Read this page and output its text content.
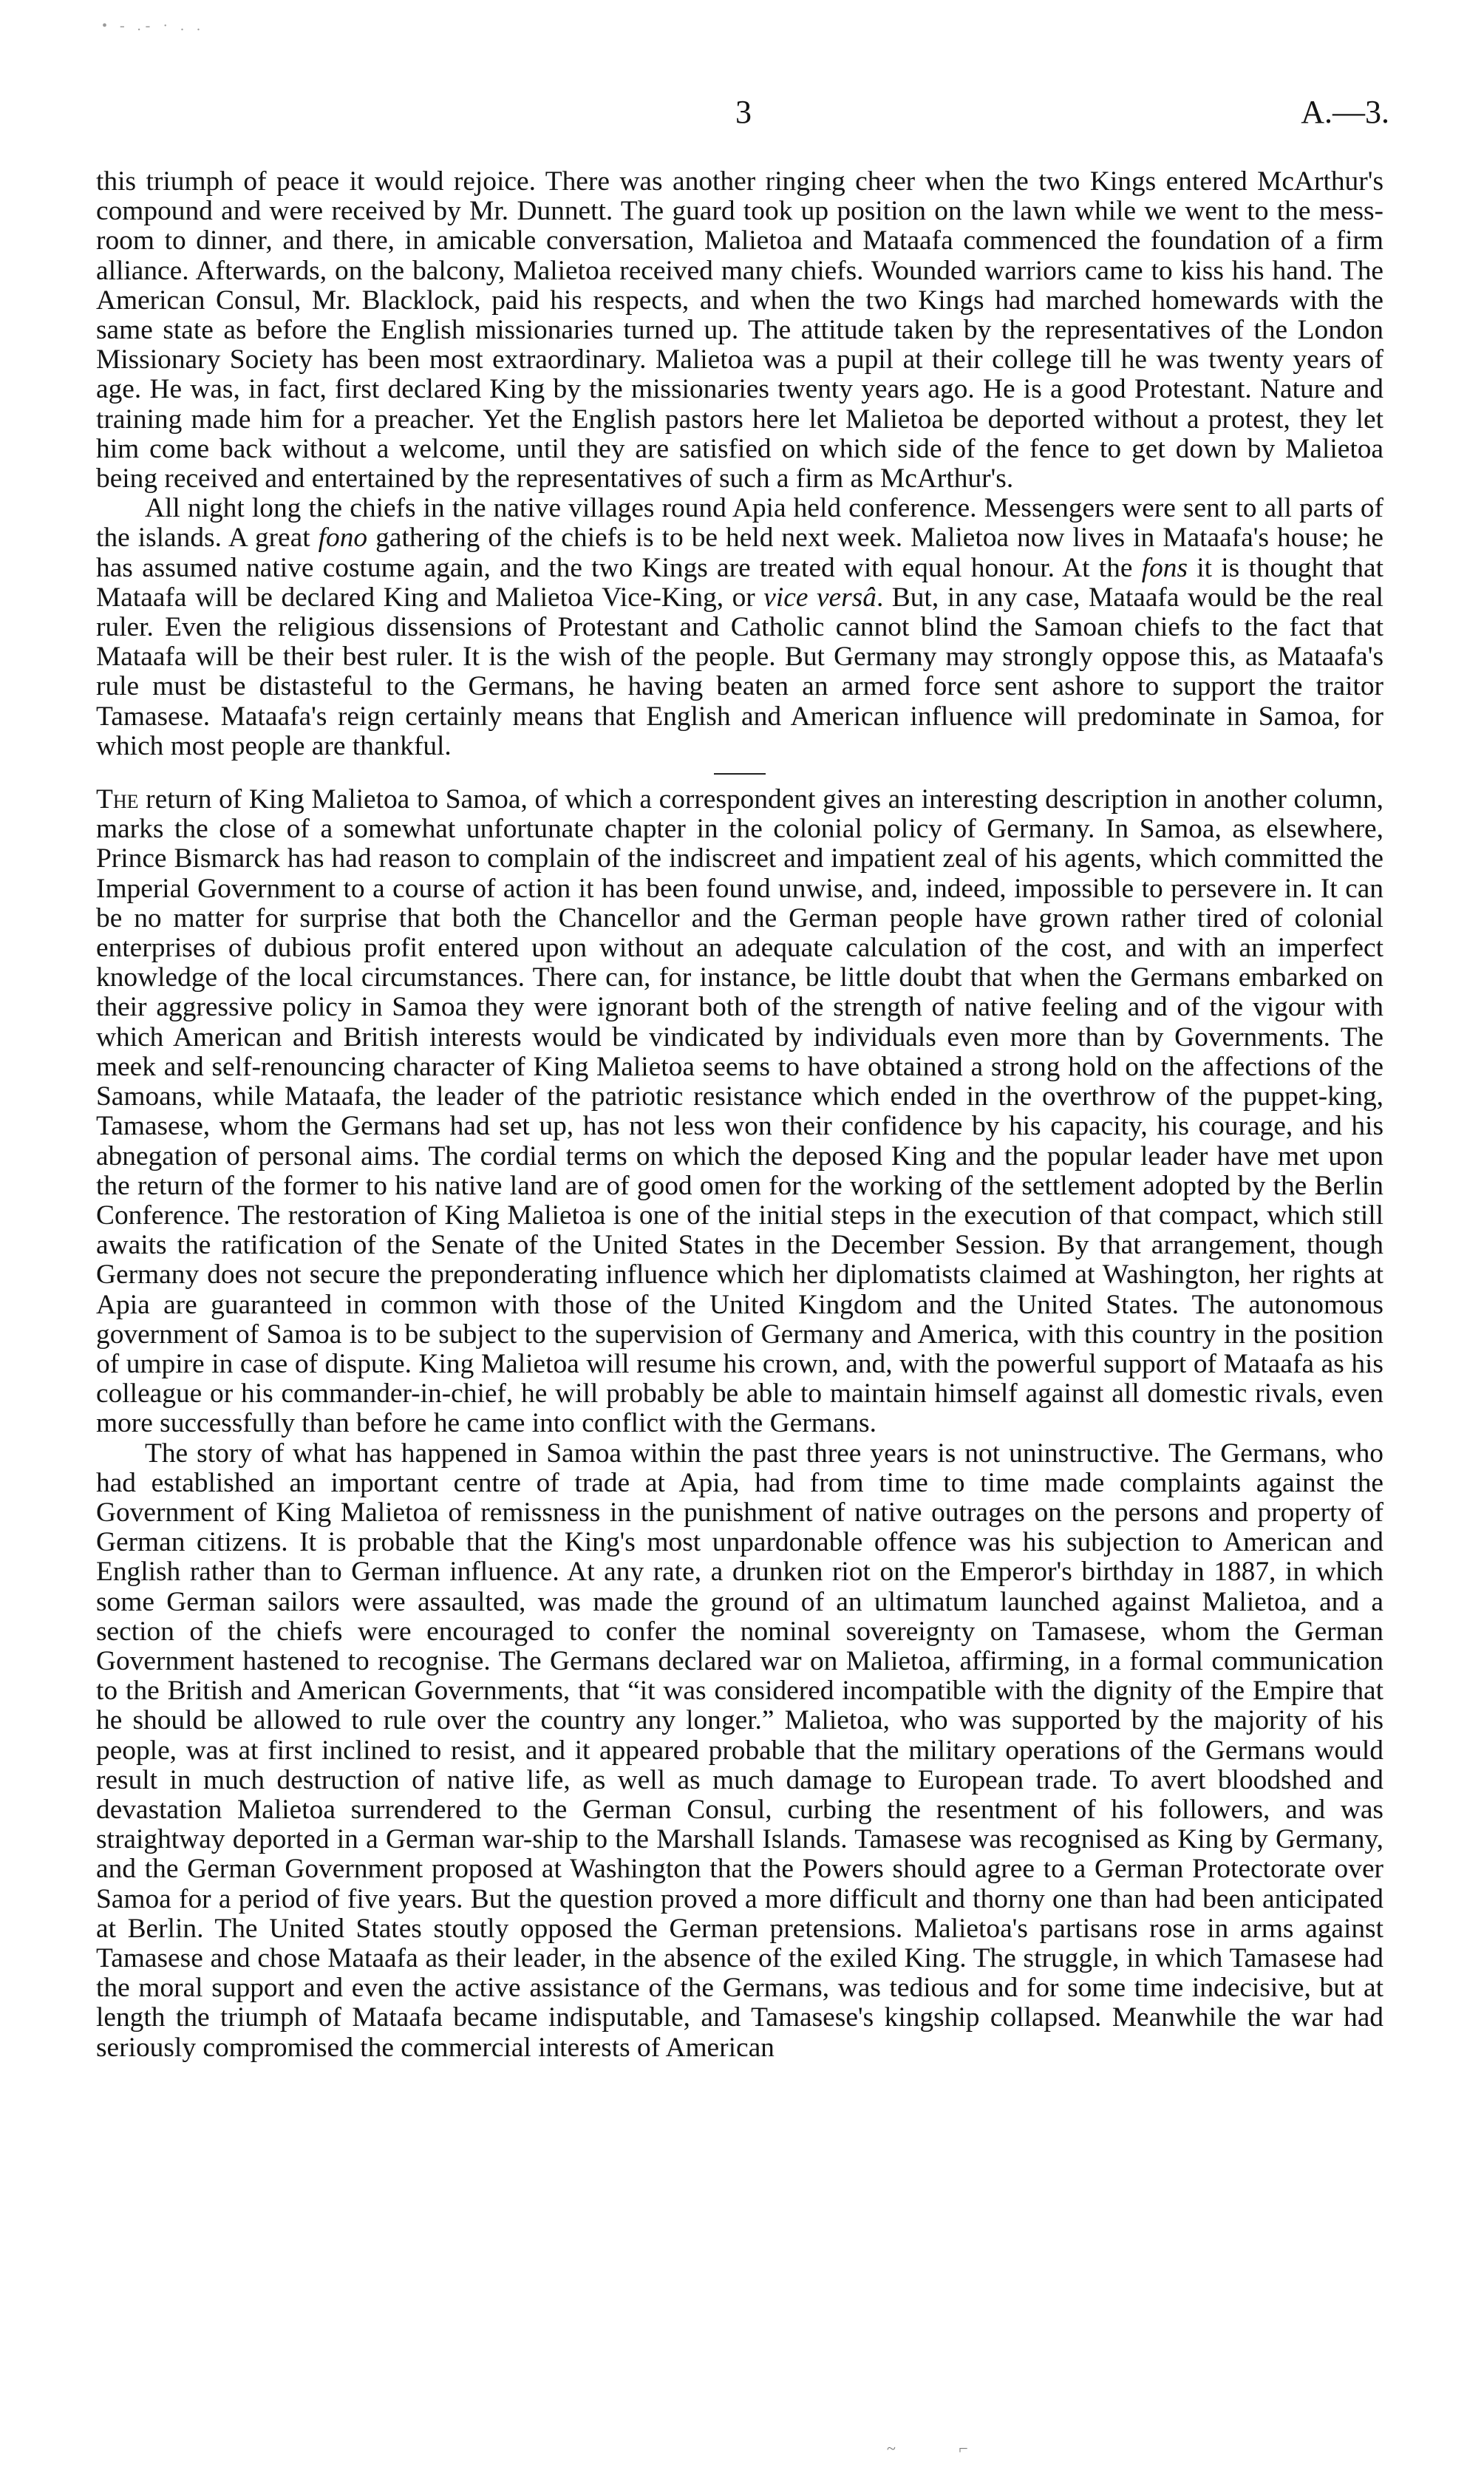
• - .- · . .
3	A.—3.

this triumph of peace it would rejoice. There was another ringing cheer when the two Kings entered McArthur's compound and were received by Mr. Dunnett. The guard took up position on the lawn while we went to the mess-room to dinner, and there, in amicable conversation, Malietoa and Mataafa commenced the foundation of a firm alliance. Afterwards, on the balcony, Malietoa received many chiefs. Wounded warriors came to kiss his hand. The American Consul, Mr. Blacklock, paid his respects, and when the two Kings had marched homewards with the same state as before the English missionaries turned up. The attitude taken by the representatives of the London Missionary Society has been most extraordinary. Malietoa was a pupil at their college till he was twenty years of age. He was, in fact, first declared King by the missionaries twenty years ago. He is a good Protestant. Nature and training made him for a preacher. Yet the English pastors here let Malietoa be deported without a protest, they let him come back without a welcome, until they are satisfied on which side of the fence to get down by Malietoa being received and entertained by the representatives of such a firm as McArthur's.

All night long the chiefs in the native villages round Apia held conference. Messengers were sent to all parts of the islands. A great fono gathering of the chiefs is to be held next week. Malietoa now lives in Mataafa's house; he has assumed native costume again, and the two Kings are treated with equal honour. At the fons it is thought that Mataafa will be declared King and Malietoa Vice-King, or vice versâ. But, in any case, Mataafa would be the real ruler. Even the religious dissensions of Protestant and Catholic cannot blind the Samoan chiefs to the fact that Mataafa will be their best ruler. It is the wish of the people. But Germany may strongly oppose this, as Mataafa's rule must be distasteful to the Germans, he having beaten an armed force sent ashore to support the traitor Tamasese. Mataafa's reign certainly means that English and American influence will predominate in Samoa, for which most people are thankful.

The return of King Malietoa to Samoa, of which a correspondent gives an interesting description in another column, marks the close of a somewhat unfortunate chapter in the colonial policy of Germany. In Samoa, as elsewhere, Prince Bismarck has had reason to complain of the indiscreet and impatient zeal of his agents, which committed the Imperial Government to a course of action it has been found unwise, and, indeed, impossible to persevere in. It can be no matter for surprise that both the Chancellor and the German people have grown rather tired of colonial enterprises of dubious profit entered upon without an adequate calculation of the cost, and with an imperfect knowledge of the local circumstances. There can, for instance, be little doubt that when the Germans embarked on their aggressive policy in Samoa they were ignorant both of the strength of native feeling and of the vigour with which American and British interests would be vindicated by individuals even more than by Governments. The meek and self-renouncing character of King Malietoa seems to have obtained a strong hold on the affections of the Samoans, while Mataafa, the leader of the patriotic resistance which ended in the overthrow of the puppet-king, Tamasese, whom the Germans had set up, has not less won their confidence by his capacity, his courage, and his abnegation of personal aims. The cordial terms on which the deposed King and the popular leader have met upon the return of the former to his native land are of good omen for the working of the settlement adopted by the Berlin Conference. The restoration of King Malietoa is one of the initial steps in the execution of that compact, which still awaits the ratification of the Senate of the United States in the December Session. By that arrangement, though Germany does not secure the preponderating influence which her diplomatists claimed at Washington, her rights at Apia are guaranteed in common with those of the United Kingdom and the United States. The autonomous government of Samoa is to be subject to the supervision of Germany and America, with this country in the position of umpire in case of dispute. King Malietoa will resume his crown, and, with the powerful support of Mataafa as his colleague or his commander-in-chief, he will probably be able to maintain himself against all domestic rivals, even more successfully than before he came into conflict with the Germans.

The story of what has happened in Samoa within the past three years is not uninstructive. The Germans, who had established an important centre of trade at Apia, had from time to time made complaints against the Government of King Malietoa of remissness in the punishment of native outrages on the persons and property of German citizens. It is probable that the King's most unpardonable offence was his subjection to American and English rather than to German influence. At any rate, a drunken riot on the Emperor's birthday in 1887, in which some German sailors were assaulted, was made the ground of an ultimatum launched against Malietoa, and a section of the chiefs were encouraged to confer the nominal sovereignty on Tamasese, whom the German Government hastened to recognise. The Germans declared war on Malietoa, affirming, in a formal communication to the British and American Governments, that “it was considered incompatible with the dignity of the Empire that he should be allowed to rule over the country any longer.” Malietoa, who was supported by the majority of his people, was at first inclined to resist, and it appeared probable that the military operations of the Germans would result in much destruction of native life, as well as much damage to European trade. To avert bloodshed and devastation Malietoa surrendered to the German Consul, curbing the resentment of his followers, and was straightway deported in a German war-ship to the Marshall Islands. Tamasese was recognised as King by Germany, and the German Government proposed at Washington that the Powers should agree to a German Protectorate over Samoa for a period of five years. But the question proved a more difficult and thorny one than had been anticipated at Berlin. The United States stoutly opposed the German pretensions. Malietoa's partisans rose in arms against Tamasese and chose Mataafa as their leader, in the absence of the exiled King. The struggle, in which Tamasese had the moral support and even the active assistance of the Germans, was tedious and for some time indecisive, but at length the triumph of Mataafa became indisputable, and Tamasese's kingship collapsed. Meanwhile the war had seriously compromised the commercial interests of American

~ ⌐
